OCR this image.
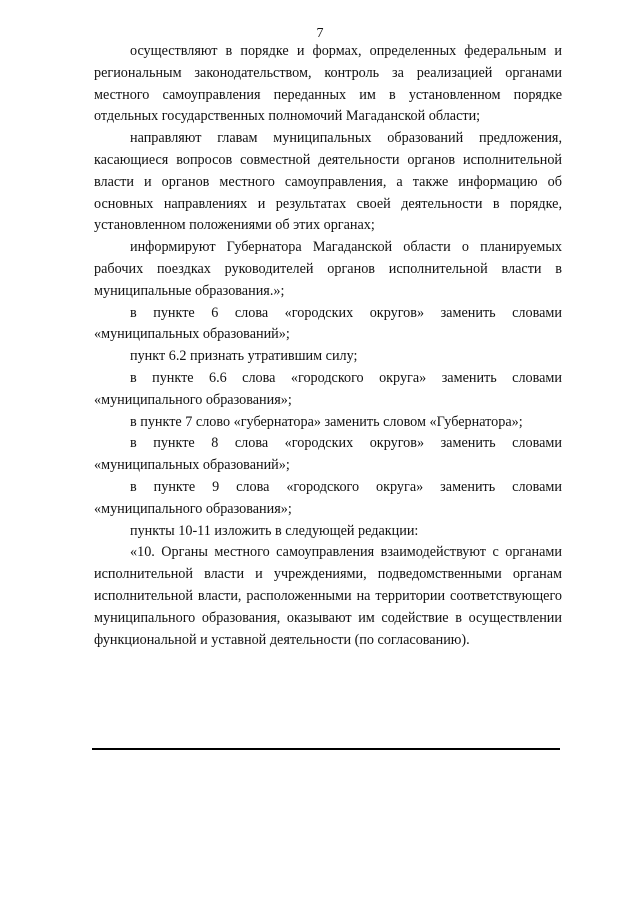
7

осуществляют в порядке и формах, определенных федеральным и региональным законодательством, контроль за реализацией органами местного самоуправления переданных им в установленном порядке отдельных государственных полномочий Магаданской области;

направляют главам муниципальных образований предложения, касающиеся вопросов совместной деятельности органов исполнительной власти и органов местного самоуправления, а также информацию об основных направлениях и результатах своей деятельности в порядке, установленном положениями об этих органах;

информируют Губернатора Магаданской области о планируемых рабочих поездках руководителей органов исполнительной власти в муниципальные образования.»;

в пункте 6 слова «городских округов» заменить словами «муниципальных образований»;

пункт 6.2 признать утратившим силу;

в пункте 6.6 слова «городского округа» заменить словами «муниципального образования»;

в пункте 7 слово «губернатора» заменить словом «Губернатора»;

в пункте 8 слова «городских округов» заменить словами «муниципальных образований»;

в пункте 9 слова «городского округа» заменить словами «муниципального образования»;

пункты 10-11 изложить в следующей редакции:

«10. Органы местного самоуправления взаимодействуют с органами исполнительной власти и учреждениями, подведомственными органам исполнительной власти, расположенными на территории соответствующего муниципального образования, оказывают им содействие в осуществлении функциональной и уставной деятельности (по согласованию).
